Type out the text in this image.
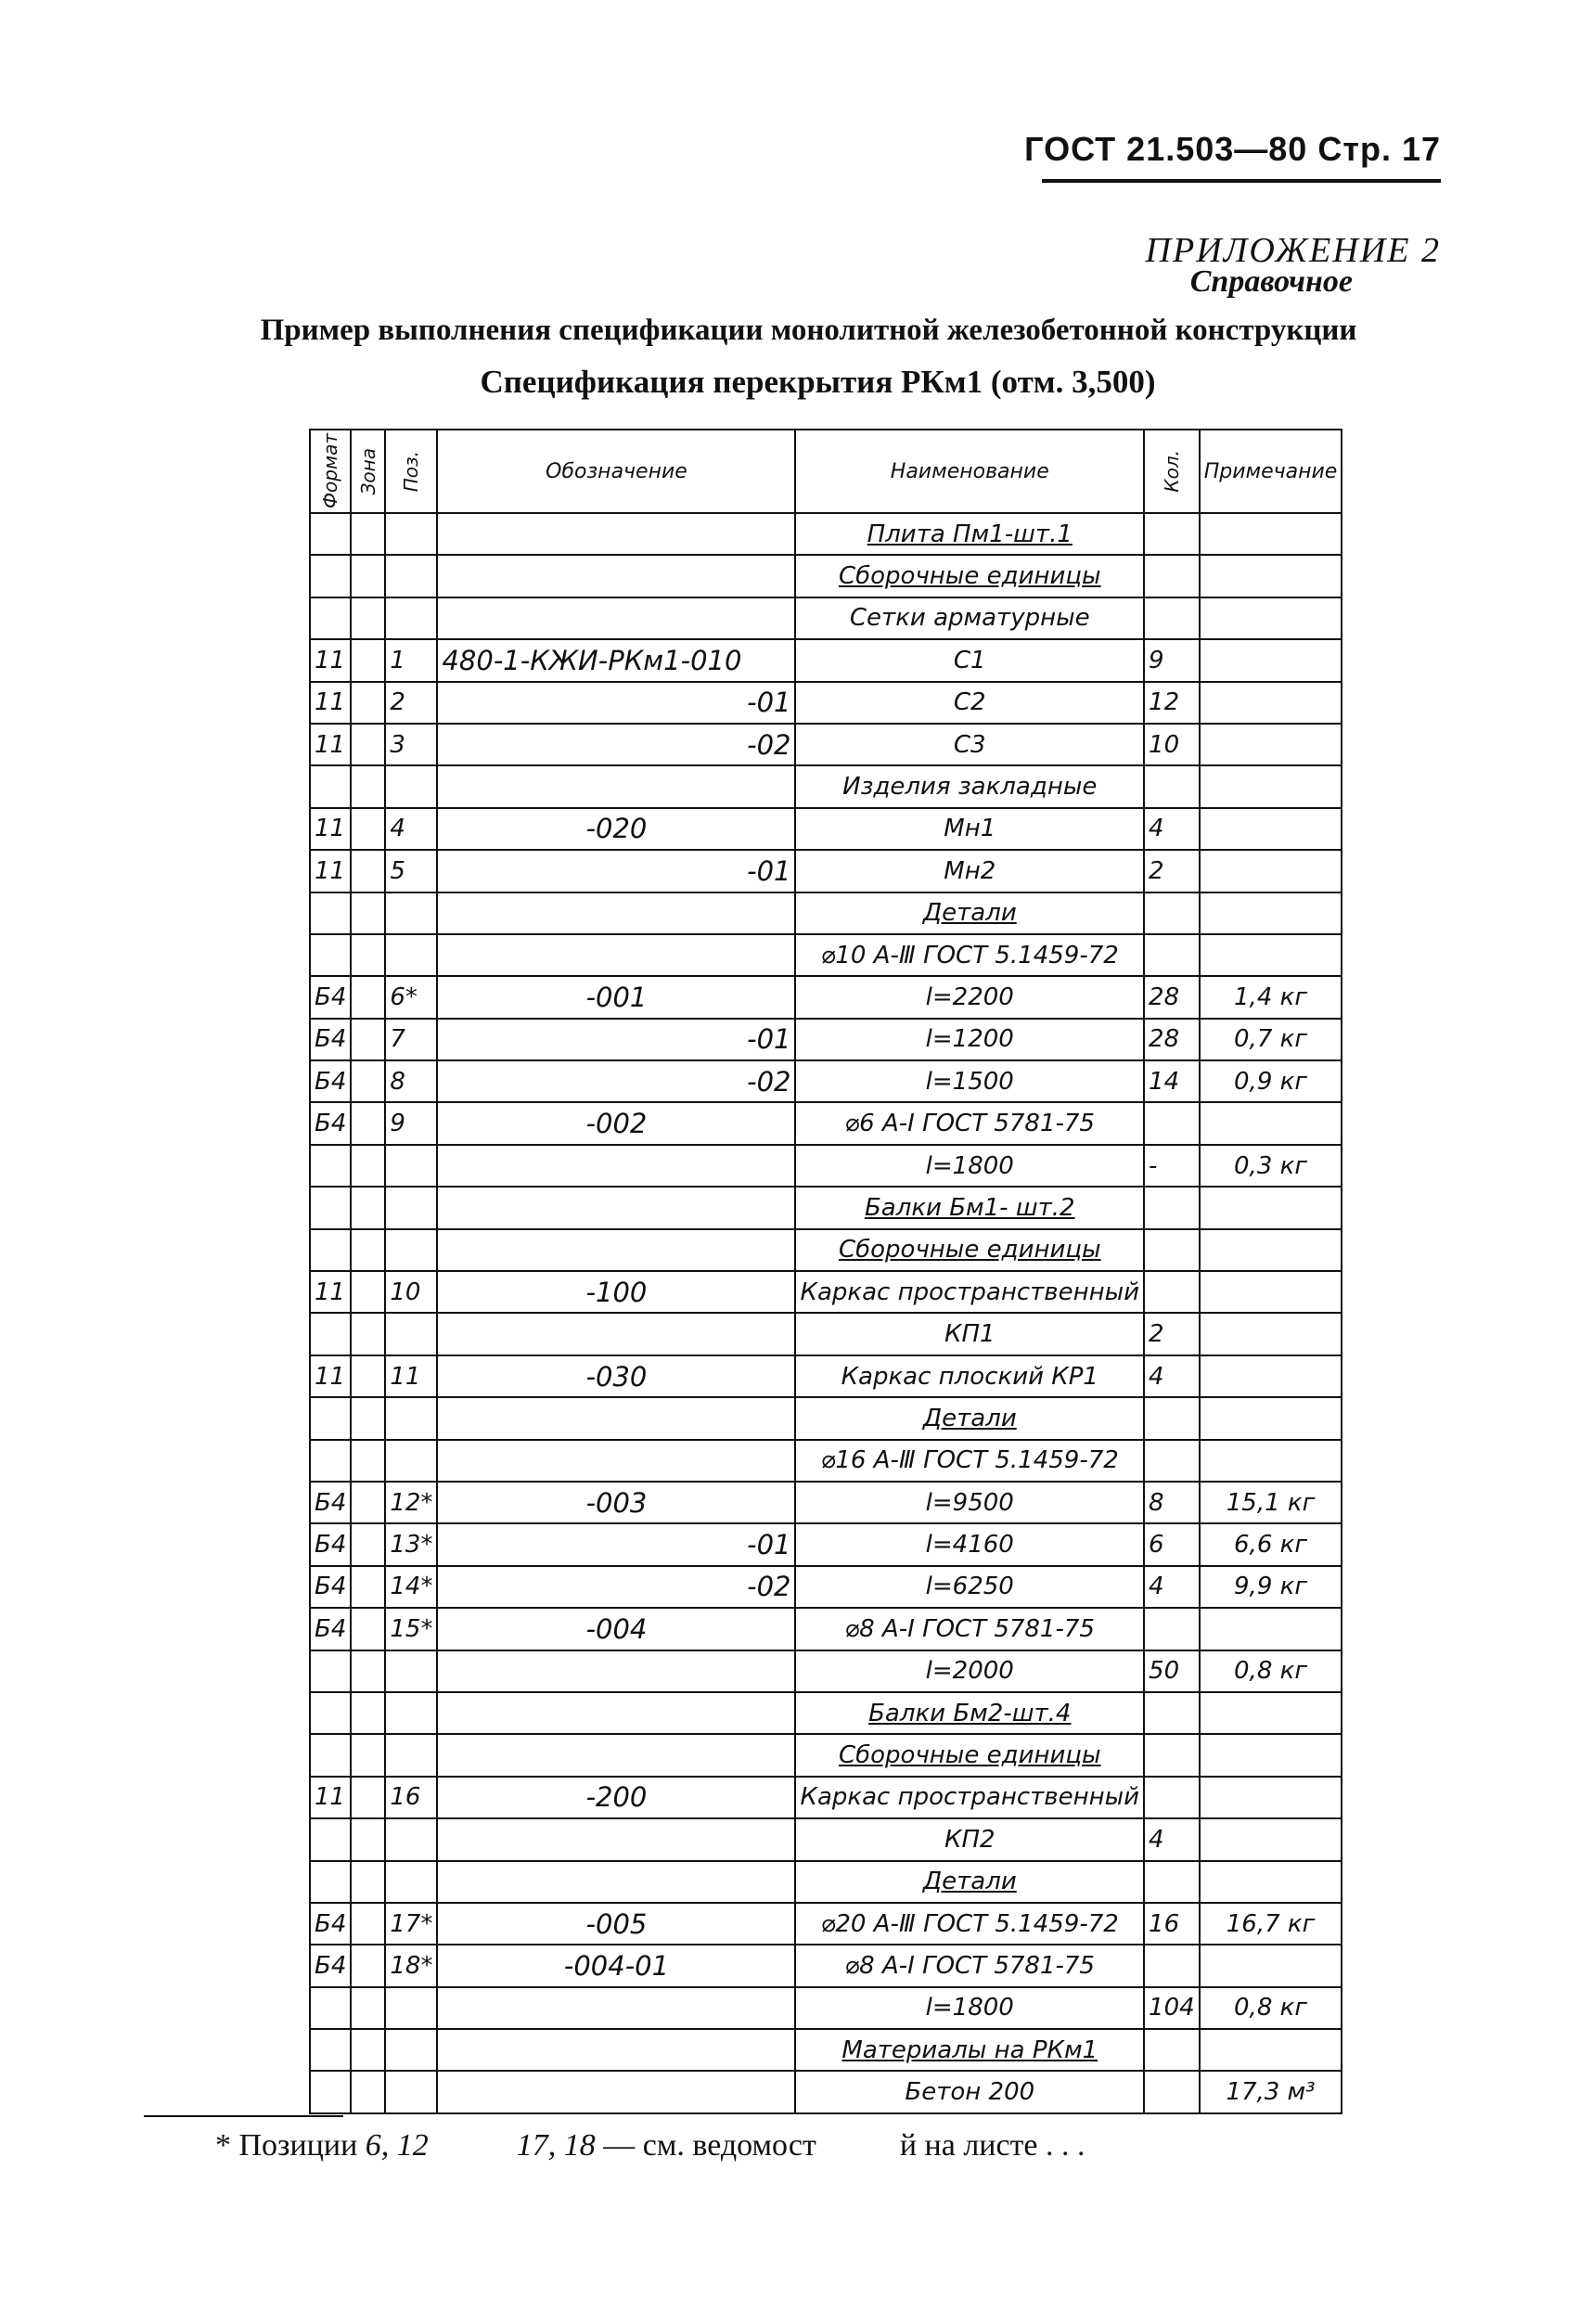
ГОСТ 21.503—80 Стр. 17
ПРИЛОЖЕНИЕ 2
Справочное
Пример выполнения спецификации монолитной железобетонной конструкции
Спецификация перекрытия РКм1 (отм. 3,500)
Формат	Зона	Поз.	Обозначение	Наименование	Кол.	Примечание
				Плита Пм1-шт.1		
				Сборочные единицы		
				Сетки арматурные		
11		1	480-1-КЖИ-РКм1-010	С1	9	
11		2	-01	С2	12	
11		3	-02	С3	10	
				Изделия закладные		
11		4	-020	Мн1	4	
11		5	-01	Мн2	2	
				Детали		
				⌀10 А-Ⅲ ГОСТ 5.1459-72		
Б4		6*	-001	l=2200	28	1,4 кг
Б4		7	-01	l=1200	28	0,7 кг
Б4		8	-02	l=1500	14	0,9 кг
Б4		9	-002	⌀6 А-I ГОСТ 5781-75		
				l=1800	-	0,3 кг
				Балки Бм1- шт.2		
				Сборочные единицы		
11		10	-100	Каркас пространственный		
				КП1	2	
11		11	-030	Каркас плоский КР1	4	
				Детали		
				⌀16 А-Ⅲ ГОСТ 5.1459-72		
Б4		12*	-003	l=9500	8	15,1 кг
Б4		13*	-01	l=4160	6	6,6 кг
Б4		14*	-02	l=6250	4	9,9 кг
Б4		15*	-004	⌀8 А-I ГОСТ 5781-75		
				l=2000	50	0,8 кг
				Балки Бм2-шт.4		
				Сборочные единицы		
11		16	-200	Каркас пространственный		
				КП2	4	
				Детали		
Б4		17*	-005	⌀20 А-Ⅲ ГОСТ 5.1459-72	16	16,7 кг
Б4		18*	-004-01	⌀8 А-I ГОСТ 5781-75		
				l=1800	104	0,8 кг
				Материалы на РКм1		
				Бетон 200		17,3 м³
* Позиции 6, 12	17, 18 — см. ведомост	й на листе . . .
